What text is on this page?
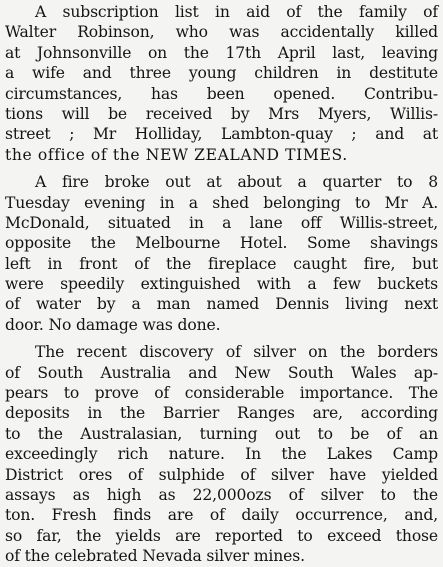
A subscription list in aid of the family of
Walter Robinson, who was accidentally killed
at Johnsonville on the 17th April last, leaving
a wife and three young children in destitute
circumstances, has been opened. Contribu-
tions will be received by Mrs Myers, Willis-
street ; Mr Holliday, Lambton-quay ; and at
the office of the NEW ZEALAND TIMES.
A fire broke out at about a quarter to 8
Tuesday evening in a shed belonging to Mr A.
McDonald, situated in a lane off Willis-street,
opposite the Melbourne Hotel. Some shavings
left in front of the fireplace caught fire, but
were speedily extinguished with a few buckets
of water by a man named Dennis living next
door. No damage was done.
The recent discovery of silver on the borders
of South Australia and New South Wales ap-
pears to prove of considerable importance. The
deposits in the Barrier Ranges are, according
to the Australasian, turning out to be of an
exceedingly rich nature. In the Lakes Camp
District ores of sulphide of silver have yielded
assays as high as 22,000ozs of silver to the
ton. Fresh finds are of daily occurrence, and,
so far, the yields are reported to exceed those
of the celebrated Nevada silver mines.
